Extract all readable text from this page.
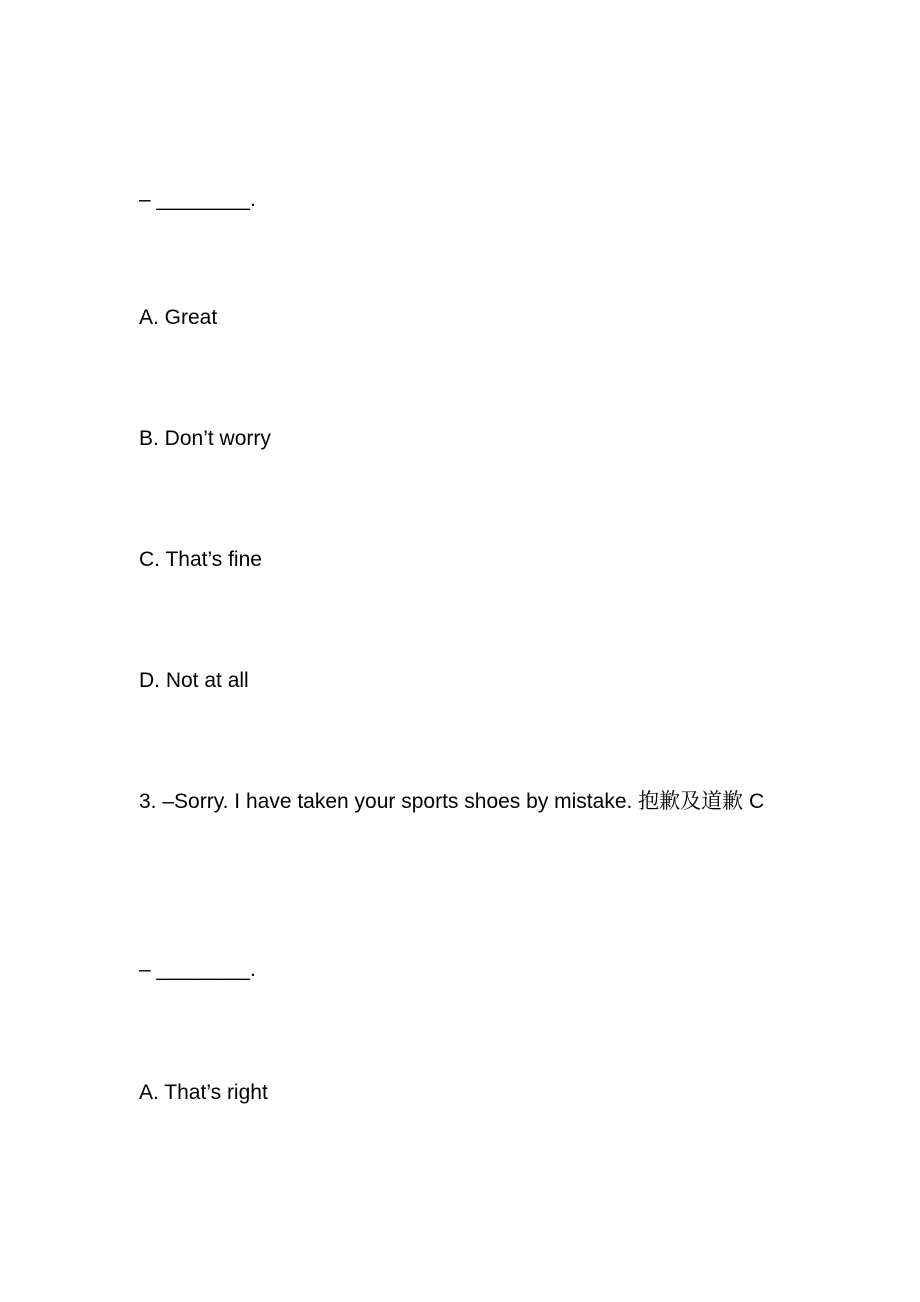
– ________.
A. Great
B. Don’t worry
C. That’s fine
D. Not at all
3. –Sorry. I have taken your sports shoes by mistake. 抱歉及道歉 C
– ________.
A. That’s right
